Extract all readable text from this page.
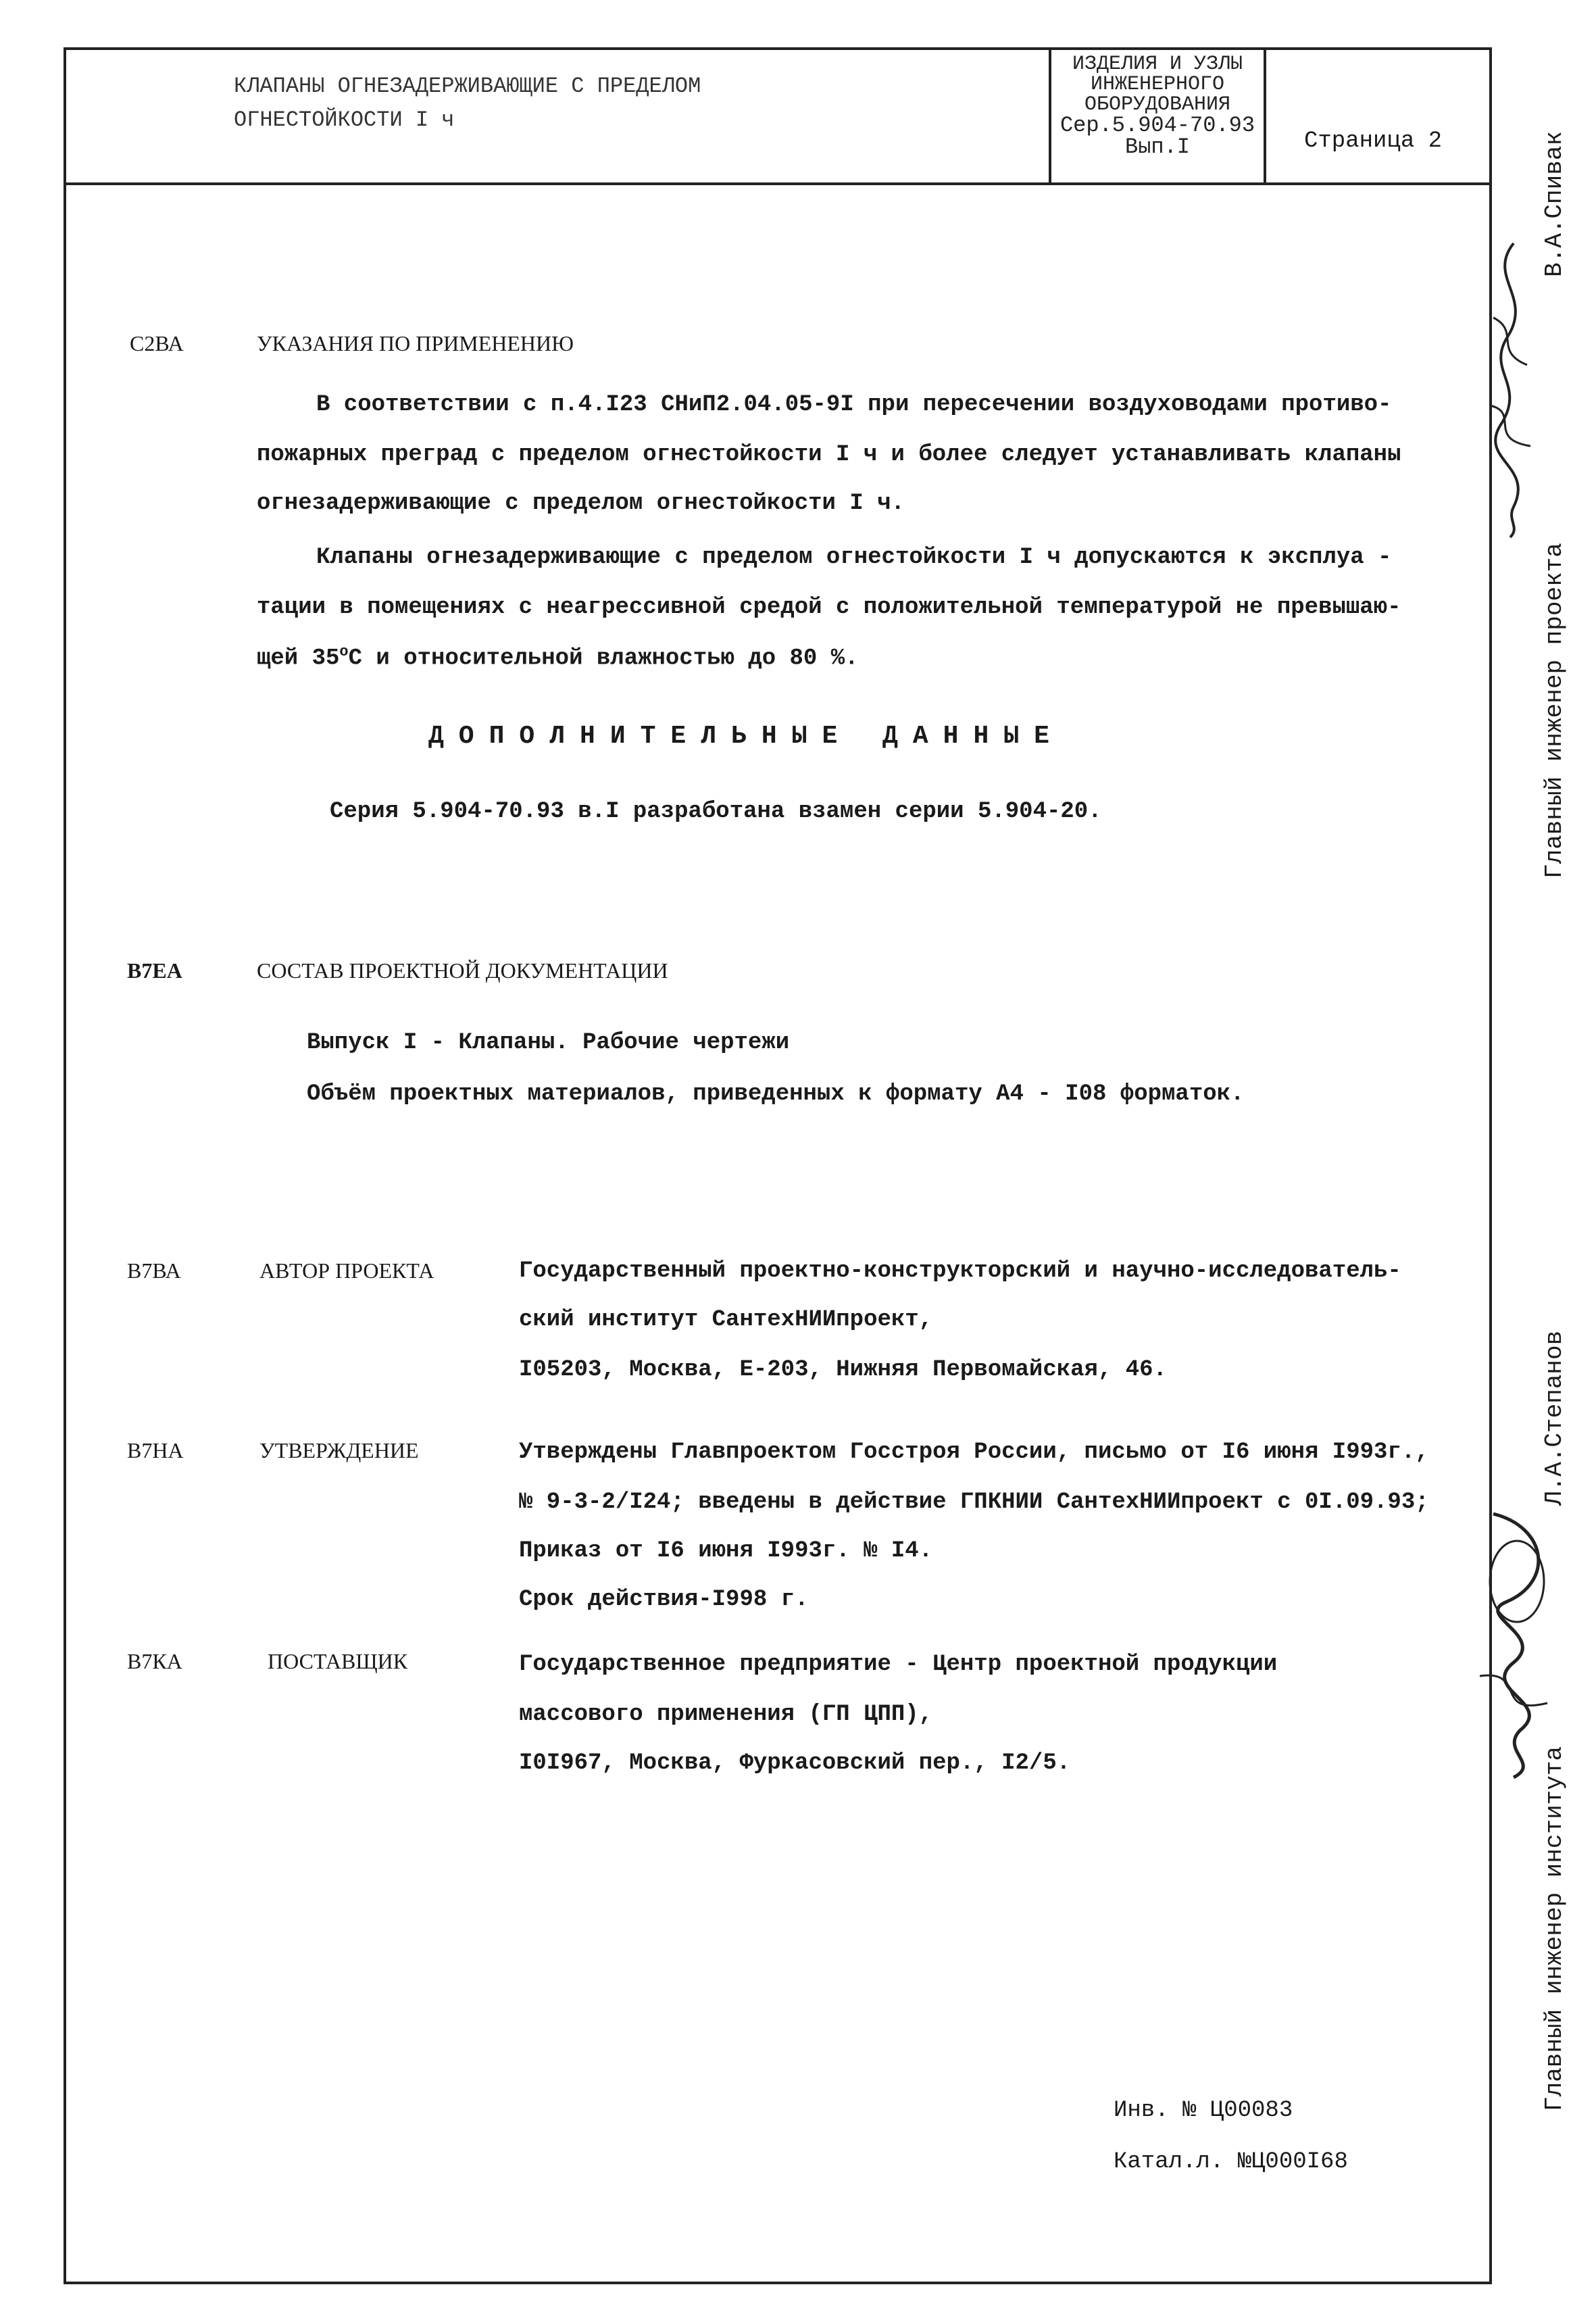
КЛАПАНЫ ОГНЕЗАДЕРЖИВАЮЩИЕ С ПРЕДЕЛОМ
ОГНЕСТОЙКОСТИ I ч
ИЗДЕЛИЯ И УЗЛЫ
ИНЖЕНЕРНОГО
ОБОРУДОВАНИЯ
Сер.5.904-70.93
Вып.I	Страница 2
С2ВА	УКАЗАНИЯ ПО ПРИМЕНЕНИЮ
В соответствии с п.4.I23 СНиП2.04.05-9I при пересечении воздуховодами противо-
пожарных преград с пределом огнестойкости I ч и более следует устанавливать клапаны
огнезадерживающие с пределом огнестойкости I ч.
Клапаны огнезадерживающие с пределом огнестойкости I ч допускаются к эксплуа -
тации в помещениях с неагрессивной средой с положительной температурой не превышаю-
щей $35^оС$ и относительной влажностью до 80 %.
ДОПОЛНИТЕЛЬНЫЕ ДАННЫЕ
Серия 5.904-70.93 в.I разработана взамен серии 5.904-20.
В7ЕА	СОСТАВ ПРОЕКТНОЙ ДОКУМЕНТАЦИИ
Выпуск I - Клапаны. Рабочие чертежи
Объём проектных материалов, приведенных к формату А4 - I08 форматок.
В7ВА	АВТОР ПРОЕКТА	Государственный проектно-конструкторский и научно-исследователь-
ский институт СантехНИИпроект,
I05203, Москва, Е-203, Нижняя Первомайская, 46.
В7НА	УТВЕРЖДЕНИЕ	Утверждены Главпроектом Госстроя России, письмо от I6 июня I993г.,
№ 9-3-2/I24; введены в действие ГПКНИИ СантехНИИпроект с 0I.09.93;
Приказ от I6 июня I993г. № I4.
Срок действия-I998 г.
В7КА	ПОСТАВЩИК	Государственное предприятие - Центр проектной продукции
массового применения (ГП ЦПП),
I0I967, Москва, Фуркасовский пер., I2/5.
Инв. № Ц00083
Катал.л. №Ц000I68
Главный инженер проекта
В.А.Спивак
Главный инженер института
Л.А.Степанов
